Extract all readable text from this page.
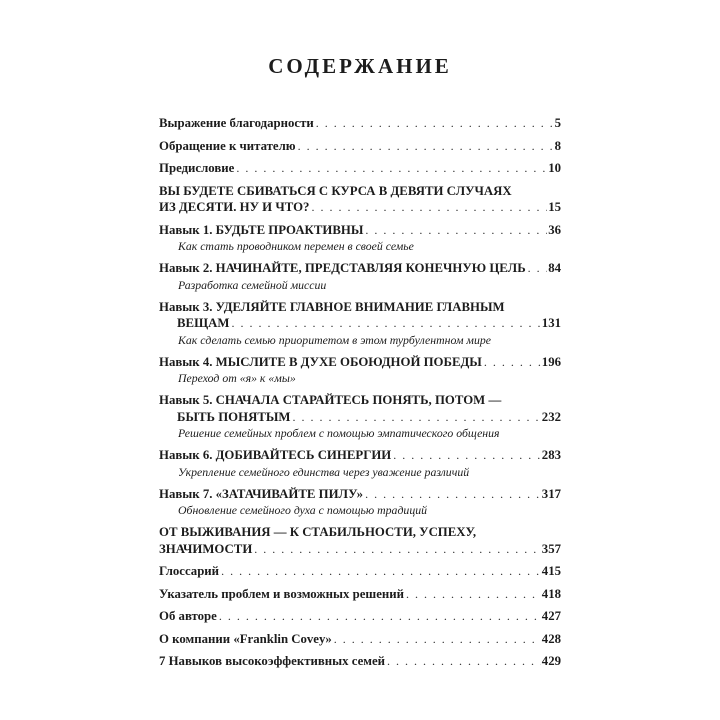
СОДЕРЖАНИЕ
Выражение благодарности . . .	5
Обращение к читателю . . .	8
Предисловие . . .	10
ВЫ БУДЕТЕ СБИВАТЬСЯ С КУРСА В ДЕВЯТИ СЛУЧАЯХ
ИЗ ДЕСЯТИ. НУ И ЧТО? . . .	15
Навык 1. БУДЬТЕ ПРОАКТИВНЫ . . .	36
Как стать проводником перемен в своей семье
Навык 2. НАЧИНАЙТЕ, ПРЕДСТАВЛЯЯ КОНЕЧНУЮ ЦЕЛЬ . . . 84
Разработка семейной миссии
Навык 3. УДЕЛЯЙТЕ ГЛАВНОЕ ВНИМАНИЕ ГЛАВНЫМ
ВЕЩАМ . . .	131
Как сделать семью приоритетом в этом турбулентном мире
Навык 4. МЫСЛИТЕ В ДУХЕ ОБОЮДНОЙ ПОБЕДЫ . . .	196
Переход от «я» к «мы»
Навык 5. СНАЧАЛА СТАРАЙТЕСЬ ПОНЯТЬ, ПОТОМ —
БЫТЬ ПОНЯТЫМ . . .	232
Решение семейных проблем с помощью эмпатического общения
Навык 6. ДОБИВАЙТЕСЬ СИНЕРГИИ . . .	283
Укрепление семейного единства через уважение различий
Навык 7. «ЗАТАЧИВАЙТЕ ПИЛУ» . . .	317
Обновление семейного духа с помощью традиций
ОТ ВЫЖИВАНИЯ — К СТАБИЛЬНОСТИ, УСПЕХУ,
ЗНАЧИМОСТИ . . .	357
Глоссарий . . .	415
Указатель проблем и возможных решений . . .	418
Об авторе . . .	427
О компании «Franklin Covey» . . .	428
7 Навыков высокоэффективных семей . . .	429
